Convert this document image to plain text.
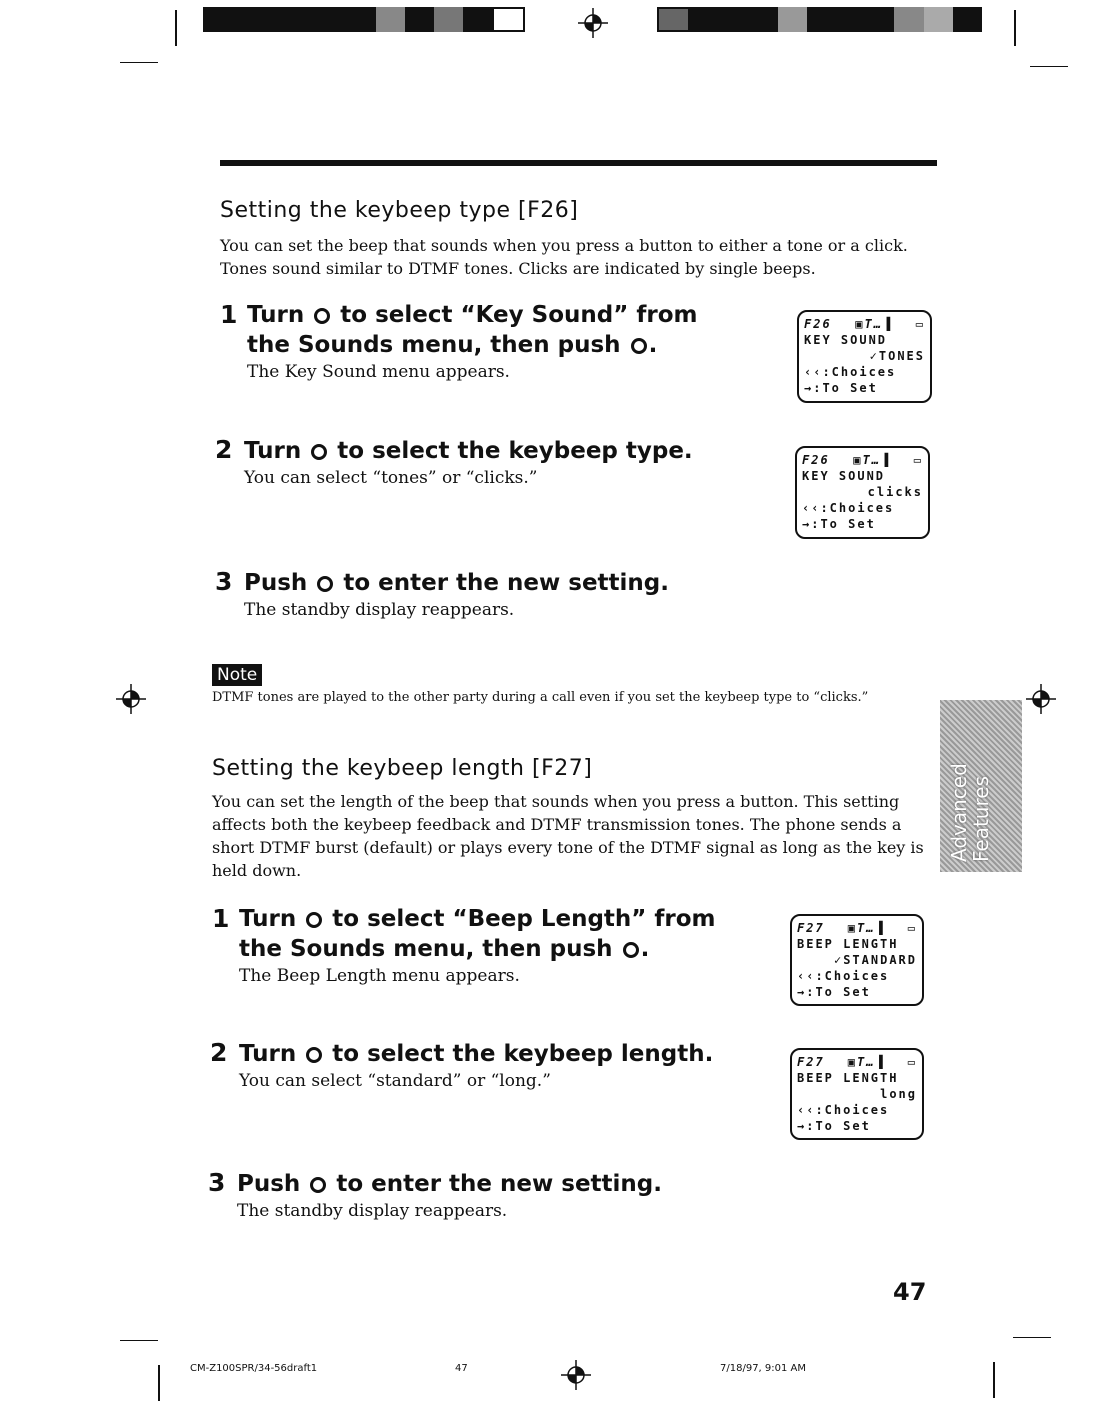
Setting the keybeep type [F26]
You can set the beep that sounds when you press a button to either a tone or a click. Tones sound similar to DTMF tones. Clicks are indicated by single beeps.
1 Turn to select “Key Sound” from the Sounds menu, then push .
The Key Sound menu appears.
F26 ▣Τ…▐ ▭
KEY SOUND
✓TONES
‹‹:Choices
→:To Set
2 Turn to select the keybeep type.
You can select “tones” or “clicks.”
F26 ▣Τ…▐ ▭
KEY SOUND
clicks
‹‹:Choices
→:To Set
3 Push to enter the new setting.
The standby display reappears.
Note
DTMF tones are played to the other party during a call even if you set the keybeep type to “clicks.”
Advanced
Features
Setting the keybeep length [F27]
You can set the length of the beep that sounds when you press a button. This setting affects both the keybeep feedback and DTMF transmission tones. The phone sends a short DTMF burst (default) or plays every tone of the DTMF signal as long as the key is held down.
1 Turn to select “Beep Length” from the Sounds menu, then push .
The Beep Length menu appears.
F27 ▣Τ…▐ ▭
BEEP LENGTH
✓STANDARD
‹‹:Choices
→:To Set
2 Turn to select the keybeep length.
You can select “standard” or “long.”
F27 ▣Τ…▐ ▭
BEEP LENGTH
long
‹‹:Choices
→:To Set
3 Push to enter the new setting.
The standby display reappears.
47
CM-Z100SPR/34-56draft1	47	7/18/97, 9:01 AM
